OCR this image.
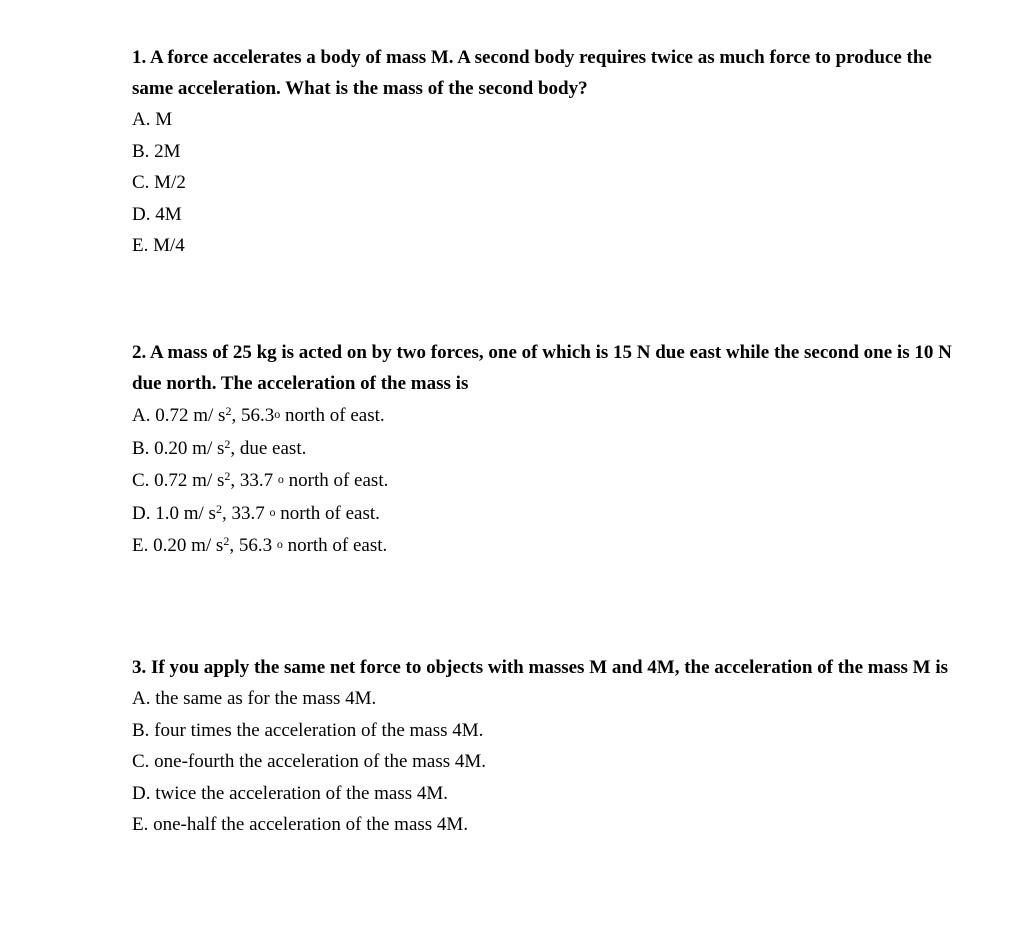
1. A force accelerates a body of mass M. A second body requires twice as much force to produce the same acceleration. What is the mass of the second body?

A. M
B. 2M
C. M/2
D. 4M
E. M/4

2. A mass of 25 kg is acted on by two forces, one of which is 15 N due east while the second one is 10 N due north. The acceleration of the mass is

A. 0.72 m/ $s^2$, 56.3o north of east.
B. 0.20 m/ $s^2$, due east.
C. 0.72 m/ $s^2$, 33.7 o north of east.
D. 1.0 m/ $s^2$, 33.7 o north of east.
E. 0.20 m/ $s^2$, 56.3 o north of east.

3. If you apply the same net force to objects with masses M and 4M, the acceleration of the mass M is

A. the same as for the mass 4M.
B. four times the acceleration of the mass 4M.
C. one-fourth the acceleration of the mass 4M.
D. twice the acceleration of the mass 4M.
E. one-half the acceleration of the mass 4M.
